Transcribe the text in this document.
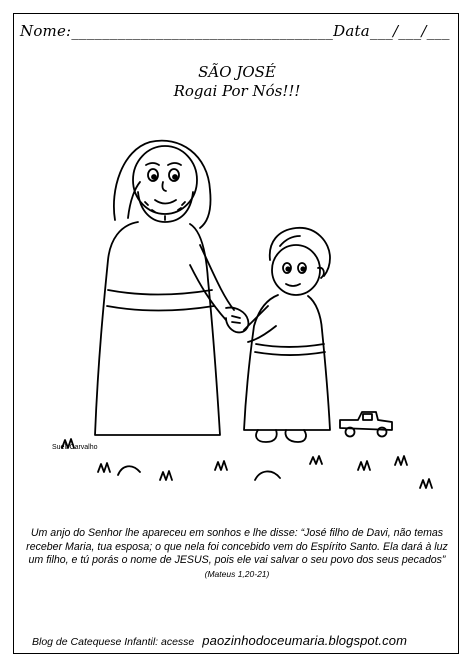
Nome:__________________________________Data___/___/___
SÃO JOSÉ
Rogai Por Nós!!!
Sueli Carvalho
Um anjo do Senhor lhe apareceu em sonhos e lhe disse: “José filho de Davi, não temas receber Maria, tua esposa; o que nela foi concebido vem do Espírito Santo. Ela dará à luz um filho, e tú porás o nome de JESUS, pois ele vai salvar o seu povo dos seus pecados” (Mateus 1,20-21)
Blog de Catequese Infantil: acesse paozinhodoceumaria.blogspot.com
